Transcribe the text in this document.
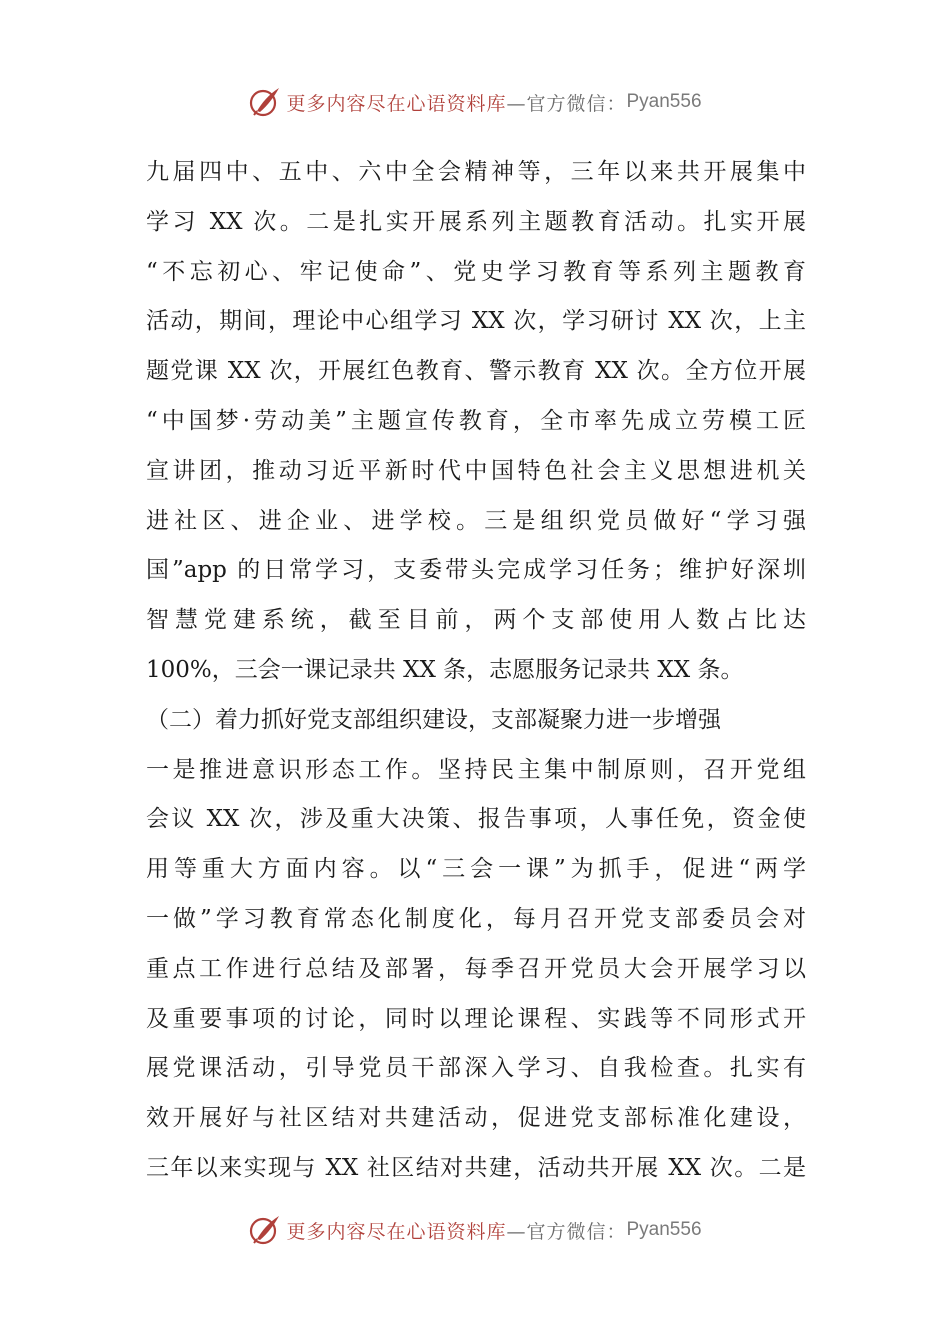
更多内容尽在心语资料库 —官方微信： Pyan556
九届四中、五中、六中全会精神等，三年以来共开展集中
学习 XX 次。二是扎实开展系列主题教育活动。扎实开展
“不忘初心、牢记使命”、党史学习教育等系列主题教育
活动，期间，理论中心组学习 XX 次，学习研讨 XX 次，上主
题党课 XX 次，开展红色教育、警示教育 XX 次。全方位开展
“中国梦·劳动美”主题宣传教育，全市率先成立劳模工匠
宣讲团，推动习近平新时代中国特色社会主义思想进机关
进社区、进企业、进学校。三是组织党员做好“学习强
国”app 的日常学习，支委带头完成学习任务；维护好深圳
智慧党建系统，截至目前，两个支部使用人数占比达
100%，三会一课记录共 XX 条，志愿服务记录共 XX 条。
（二）着力抓好党支部组织建设，支部凝聚力进一步增强
一是推进意识形态工作。坚持民主集中制原则，召开党组
会议 XX 次，涉及重大决策、报告事项，人事任免，资金使
用等重大方面内容。以“三会一课”为抓手，促进“两学
一做”学习教育常态化制度化，每月召开党支部委员会对
重点工作进行总结及部署，每季召开党员大会开展学习以
及重要事项的讨论，同时以理论课程、实践等不同形式开
展党课活动，引导党员干部深入学习、自我检查。扎实有
效开展好与社区结对共建活动，促进党支部标准化建设，
三年以来实现与 XX 社区结对共建，活动共开展 XX 次。二是
更多内容尽在心语资料库 —官方微信： Pyan556
